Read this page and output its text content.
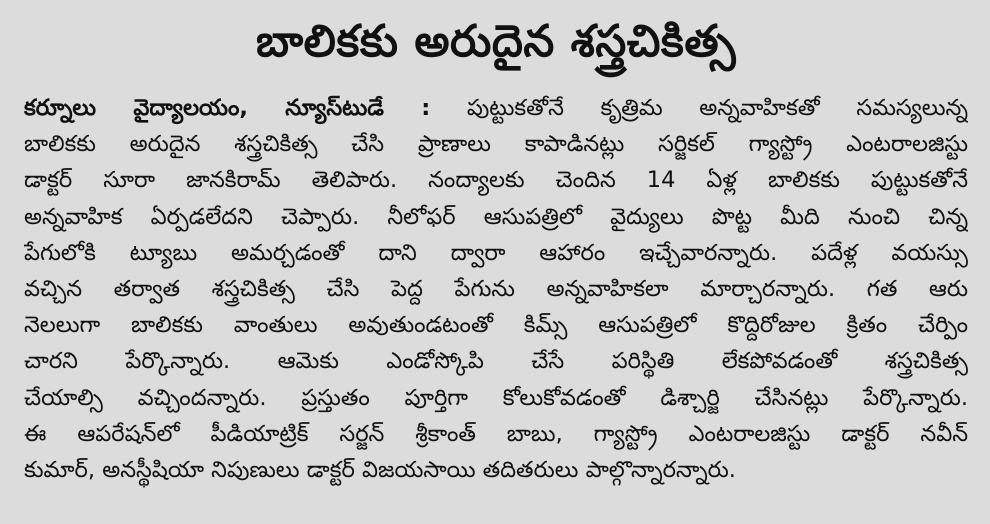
బాలికకు అరుదైన శస్త్రచికిత్స
కర్నూలు వైద్యాలయం, న్యూస్‌టుడే : పుట్టుకతోనే కృత్రిమ అన్నవాహికతో సమస్యలున్న
బాలికకు అరుదైన శస్త్రచికిత్స చేసి ప్రాణాలు కాపాడినట్లు సర్జికల్ గ్యాస్ట్రో ఎంటరాలజిస్టు
డాక్టర్ సూరా జానకిరామ్ తెలిపారు. నంద్యాలకు చెందిన 14 ఏళ్ల బాలికకు పుట్టుకతోనే
అన్నవాహిక ఏర్పడలేదని చెప్పారు. నీలోఫర్ ఆసుపత్రిలో వైద్యులు పొట్ట మీది నుంచి చిన్న
పేగులోకి ట్యూబు అమర్చడంతో దాని ద్వారా ఆహారం ఇచ్చేవారన్నారు. పదేళ్ల వయస్సు
వచ్చిన తర్వాత శస్త్రచికిత్స చేసి పెద్ద పేగును అన్నవాహికలా మార్చారన్నారు. గత ఆరు
నెలలుగా బాలికకు వాంతులు అవుతుండటంతో కిమ్స్ ఆసుపత్రిలో కొద్దిరోజుల క్రితం చేర్పిం
చారని పేర్కొన్నారు. ఆమెకు ఎండోస్కోపి చేసే పరిస్థితి లేకపోవడంతో శస్త్రచికిత్స
చేయాల్సి వచ్చిందన్నారు. ప్రస్తుతం పూర్తిగా కోలుకోవడంతో డిశ్చార్జి చేసినట్లు పేర్కొన్నారు.
ఈ ఆపరేషన్‌లో పీడియాట్రిక్ సర్జన్ శ్రీకాంత్ బాబు, గ్యాస్ట్రో ఎంటరాలజిస్టు డాక్టర్ నవీన్
కుమార్, అనస్థీషియా నిపుణులు డాక్టర్ విజయసాయి తదితరులు పాల్గొన్నారన్నారు.
